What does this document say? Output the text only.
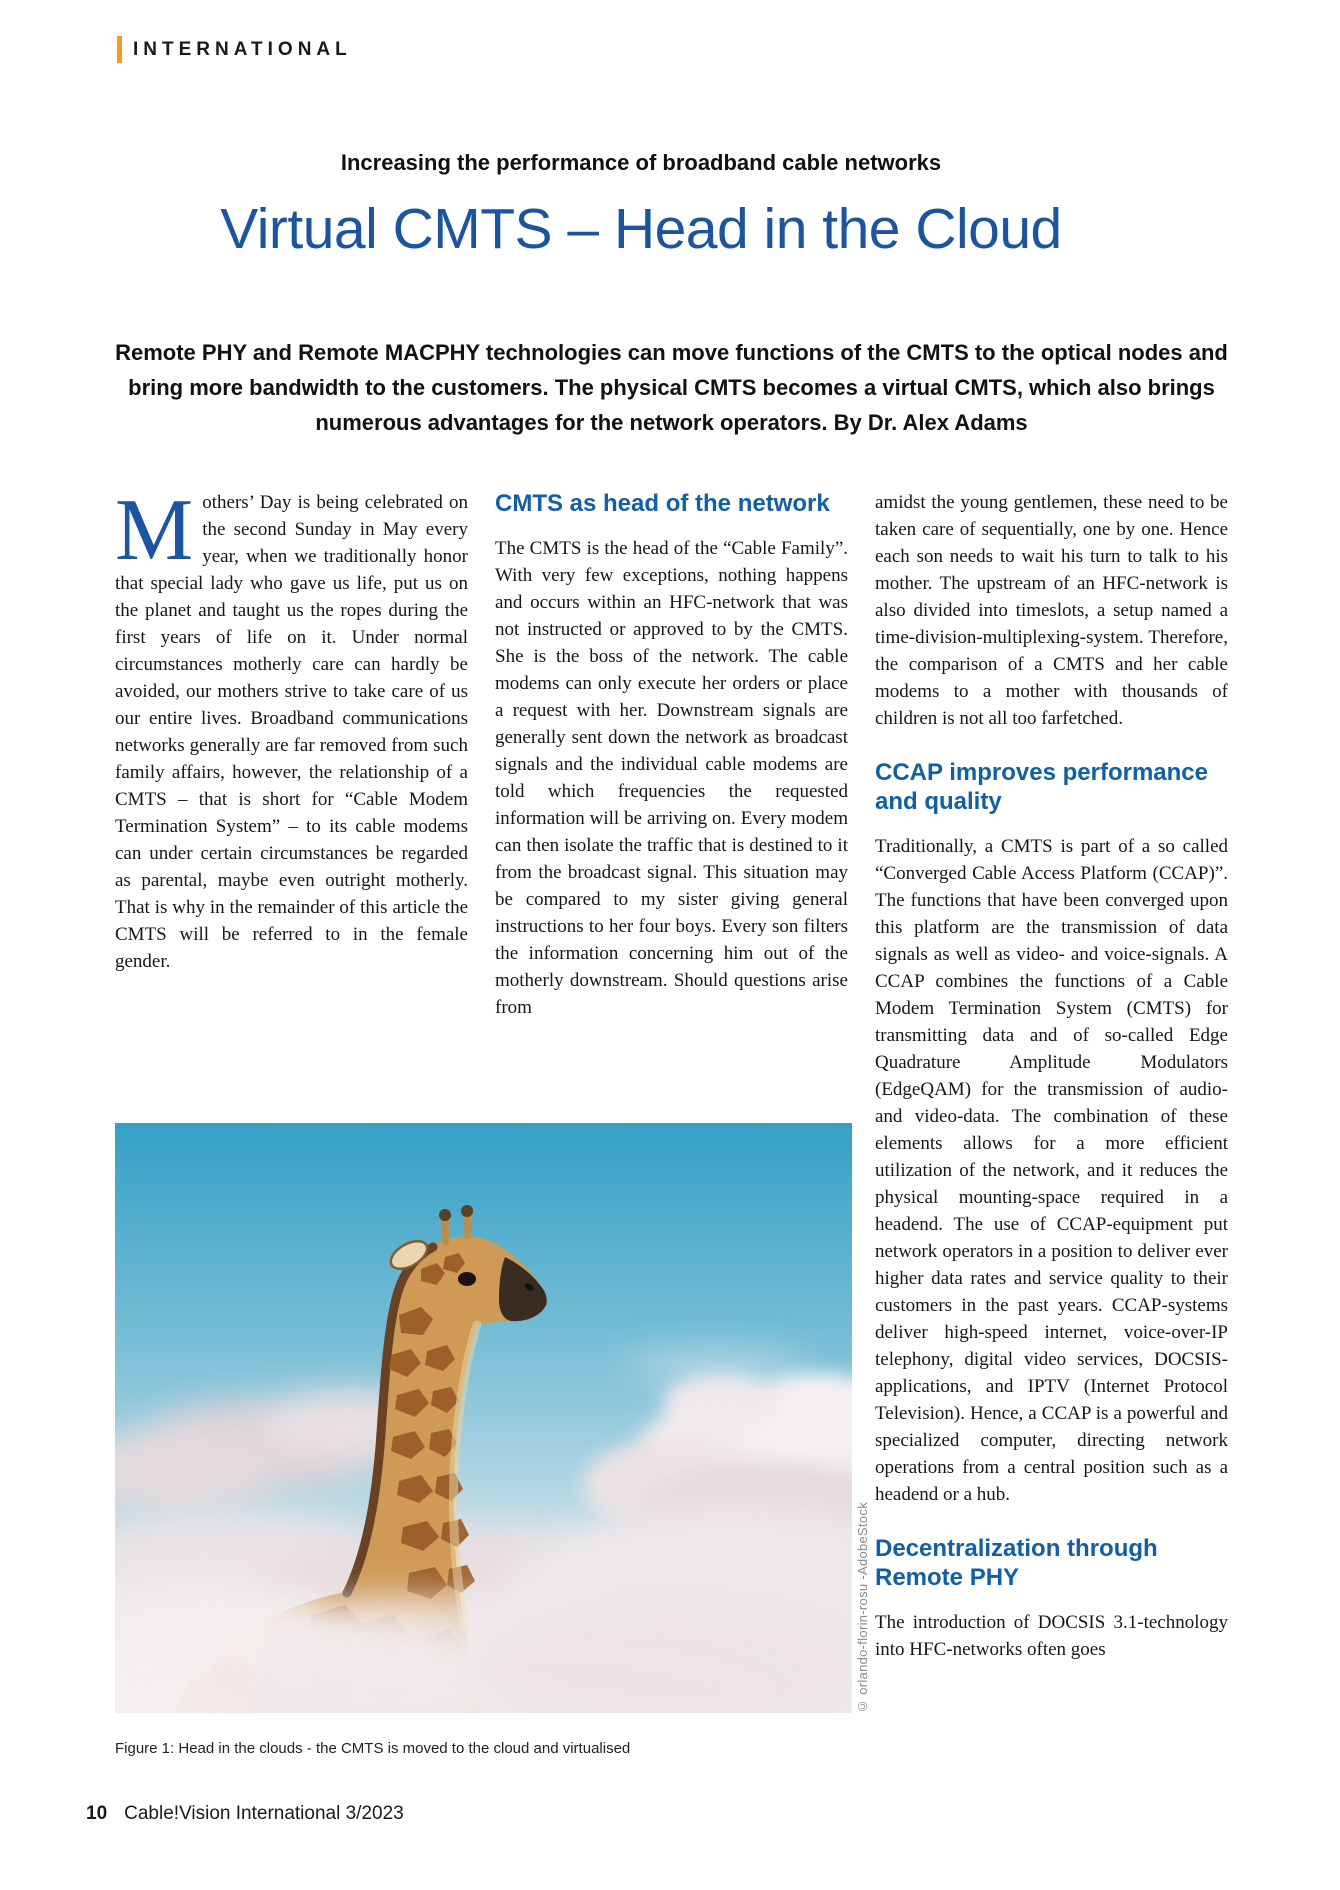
INTERNATIONAL
Increasing the performance of broadband cable networks
Virtual CMTS – Head in the Cloud
Remote PHY and Remote MACPHY technologies can move functions of the CMTS to the optical nodes and bring more bandwidth to the customers. The physical CMTS becomes a virtual CMTS, which also brings numerous advantages for the network operators. By Dr. Alex Adams

Mothers’ Day is being celebrated on the second Sunday in May every year, when we traditionally honor that special lady who gave us life, put us on the planet and taught us the ropes during the first years of life on it. Under normal circumstances motherly care can hardly be avoided, our mothers strive to take care of us our entire lives. Broadband communications networks generally are far removed from such family affairs, however, the relationship of a CMTS – that is short for “Cable Modem Termination System” – to its cable modems can under certain circumstances be regarded as parental, maybe even outright motherly. That is why in the remainder of this article the CMTS will be referred to in the female gender.

CMTS as head of the network

The CMTS is the head of the “Cable Family”. With very few exceptions, nothing happens and occurs within an HFC-network that was not instructed or approved to by the CMTS. She is the boss of the network. The cable modems can only execute her orders or place a request with her. Downstream signals are generally sent down the network as broadcast signals and the individual cable modems are told which frequencies the requested information will be arriving on. Every modem can then isolate the traffic that is destined to it from the broadcast signal. This situation may be compared to my sister giving general instructions to her four boys. Every son filters the information concerning him out of the motherly downstream. Should questions arise from

amidst the young gentlemen, these need to be taken care of sequentially, one by one. Hence each son needs to wait his turn to talk to his mother. The upstream of an HFC-network is also divided into timeslots, a setup named a time-division-multiplexing-system. Therefore, the comparison of a CMTS and her cable modems to a mother with thousands of children is not all too farfetched.

CCAP improves performance and quality

Traditionally, a CMTS is part of a so called “Converged Cable Access Platform (CCAP)”. The functions that have been converged upon this platform are the transmission of data signals as well as video- and voice-signals. A CCAP combines the functions of a Cable Modem Termination System (CMTS) for transmitting data and of so-called Edge Quadrature Amplitude Modulators (EdgeQAM) for the transmission of audio- and video-data. The combination of these elements allows for a more efficient utilization of the network, and it reduces the physical mounting-space required in a headend. The use of CCAP-equipment put network operators in a position to deliver ever higher data rates and service quality to their customers in the past years. CCAP-systems deliver high-speed internet, voice-over-IP telephony, digital video services, DOCSIS-applications, and IPTV (Internet Protocol Television). Hence, a CCAP is a powerful and specialized computer, directing network operations from a central position such as a headend or a hub.

Decentralization through Remote PHY

The introduction of DOCSIS 3.1-technology into HFC-networks often goes

© orlando-florin-rosu -AdobeStock
Figure 1: Head in the clouds - the CMTS is moved to the cloud and virtualised
10 Cable!Vision International 3/2023
